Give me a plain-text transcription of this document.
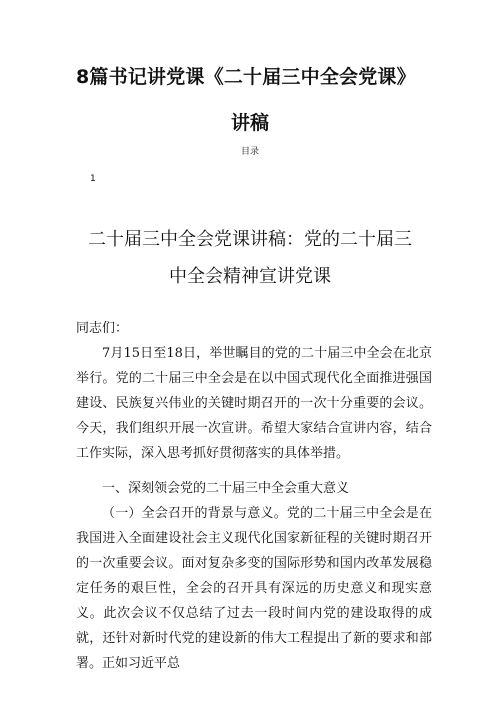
8篇书记讲党课《二十届三中全会党课》
讲稿
目录
1
二十届三中全会党课讲稿：党的二十届三
中全会精神宣讲党课

同志们：

7月15日至18日，举世瞩目的党的二十届三中全会在北京举行。党的二十届三中全会是在以中国式现代化全面推进强国建设、民族复兴伟业的关键时期召开的一次十分重要的会议。今天，我们组织开展一次宣讲。希望大家结合宣讲内容，结合工作实际，深入思考抓好贯彻落实的具体举措。

一、深刻领会党的二十届三中全会重大意义

（一）全会召开的背景与意义。党的二十届三中全会是在我国进入全面建设社会主义现代化国家新征程的关键时期召开的一次重要会议。面对复杂多变的国际形势和国内改革发展稳定任务的艰巨性，全会的召开具有深远的历史意义和现实意义。此次会议不仅总结了过去一段时间内党的建设取得的成就，还针对新时代党的建设新的伟大工程提出了新的要求和部署。正如习近平总
